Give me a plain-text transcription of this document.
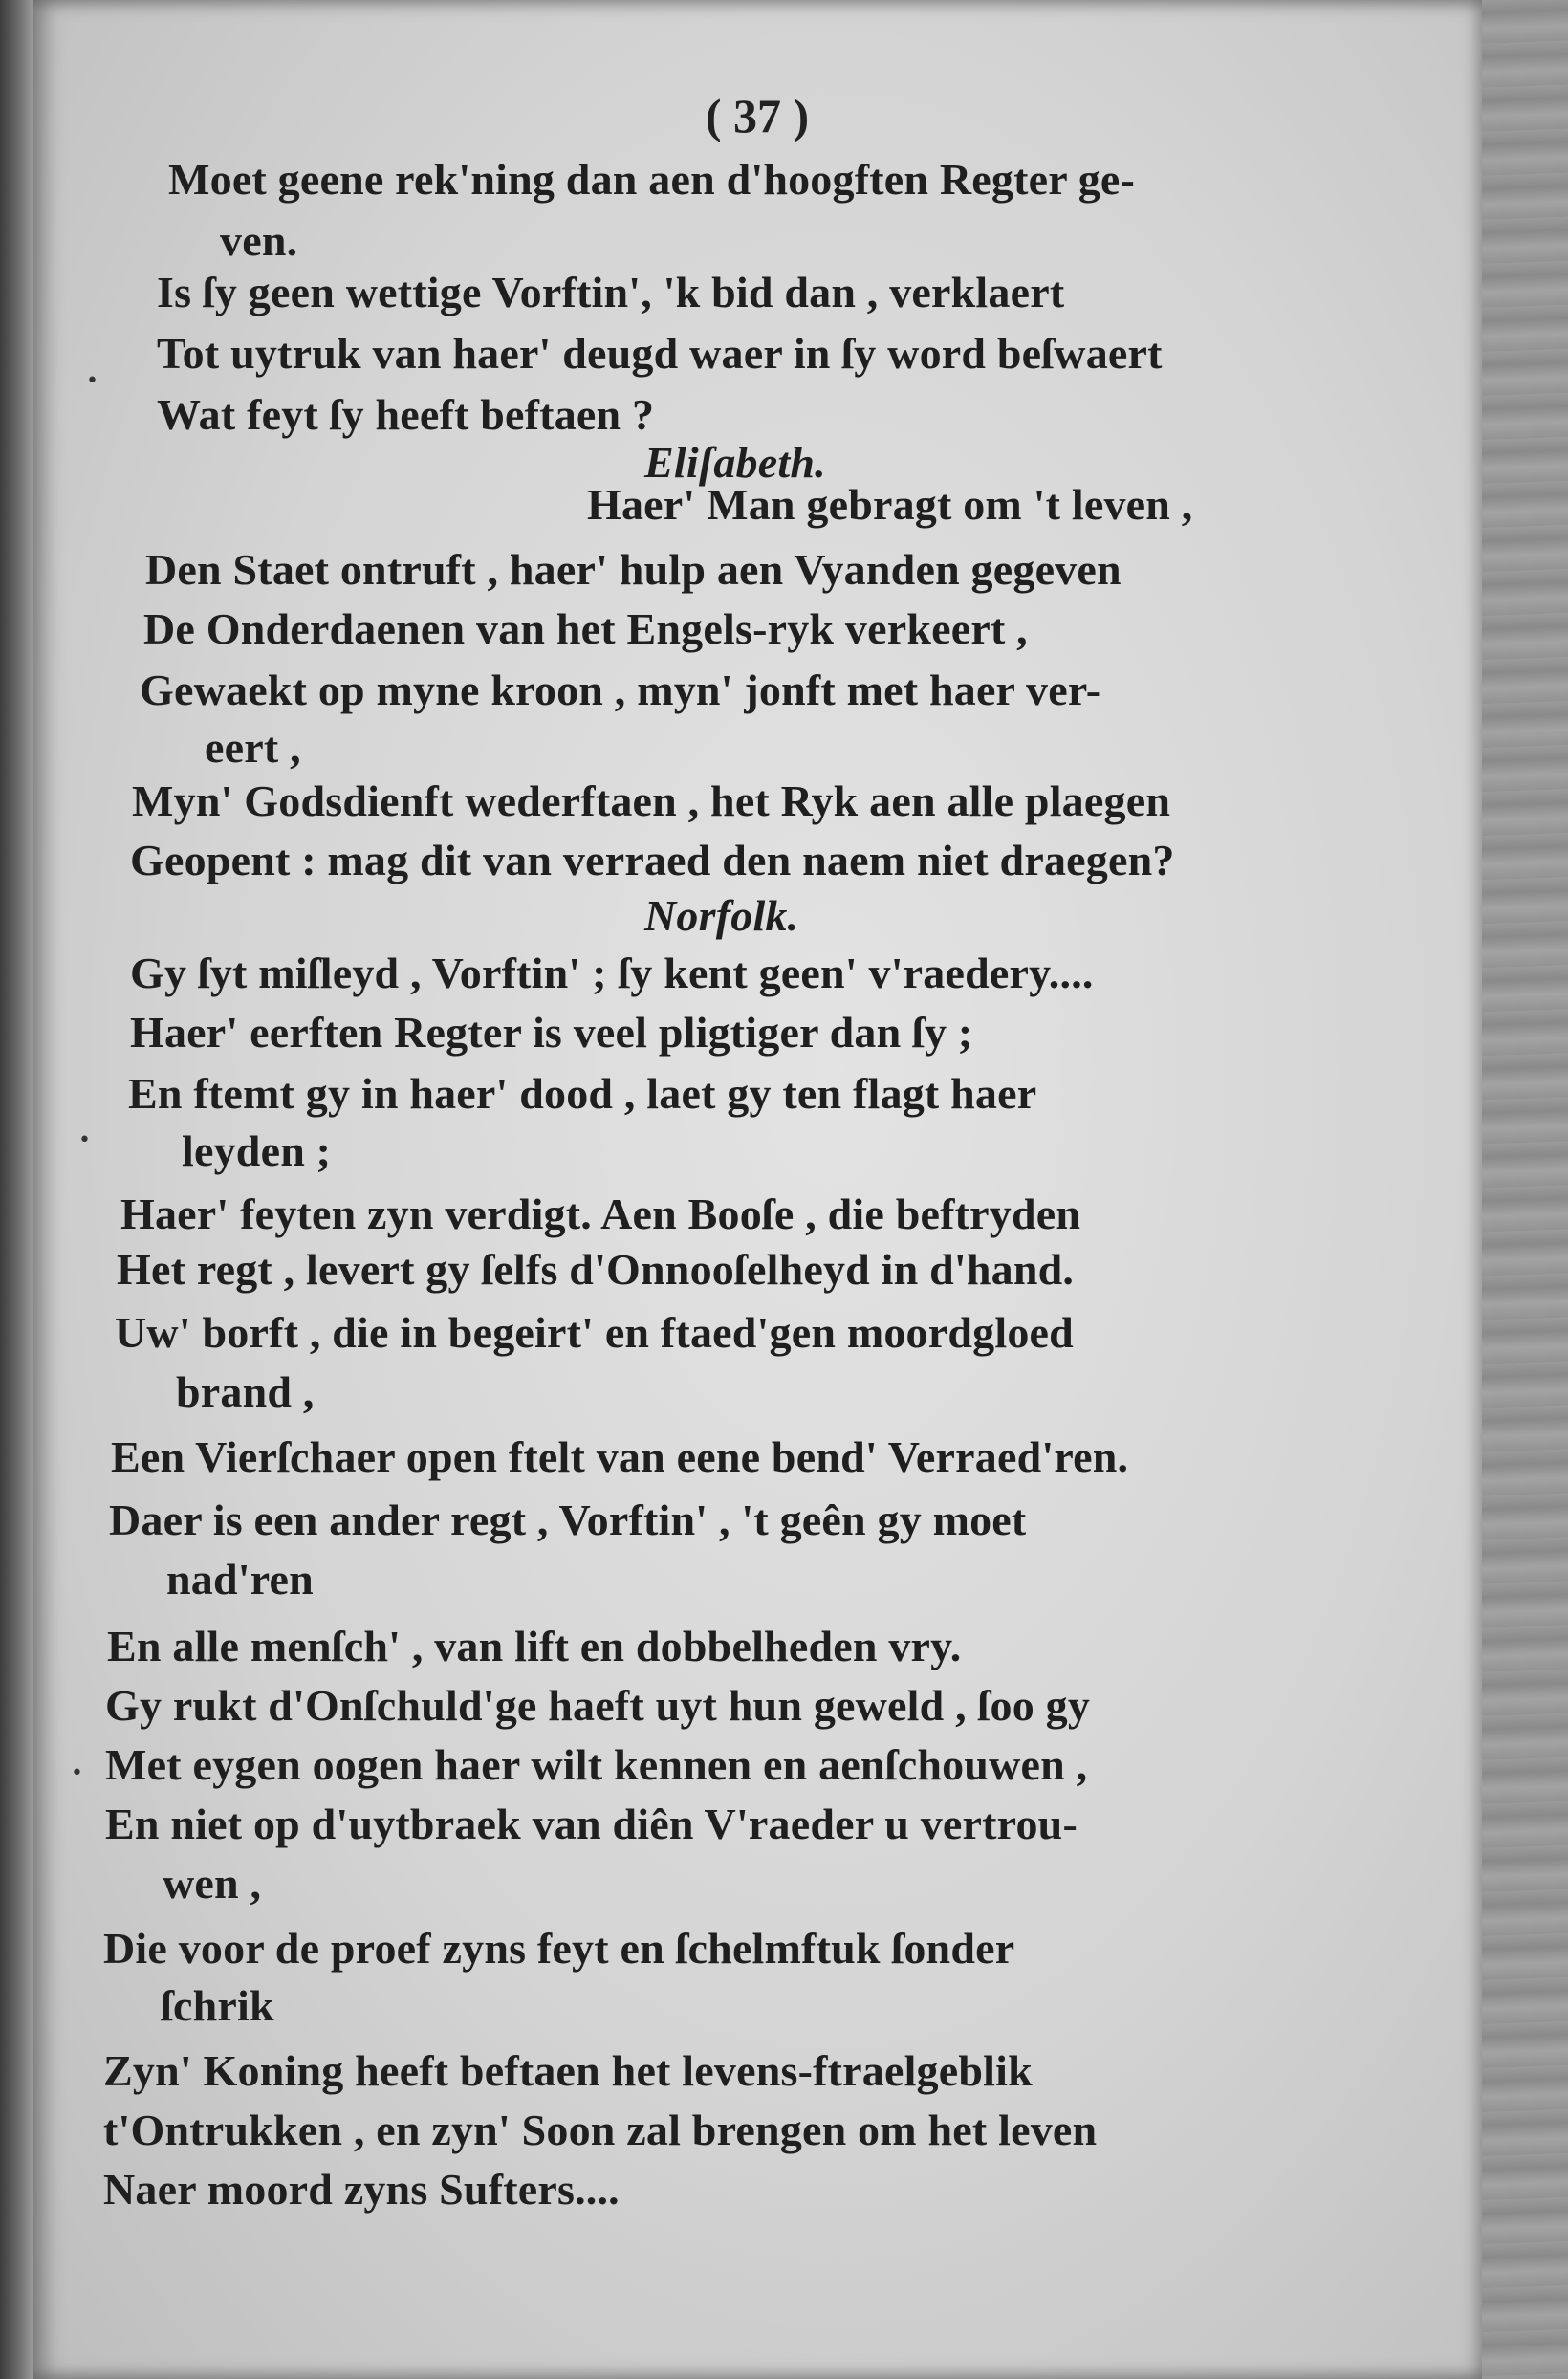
( 37 )
Moet geene rek'ning dan aen d'hoogften Regter ge-
ven.
Is ſy geen wettige Vorftin', 'k bid dan , verklaert
Tot uytruk van haer' deugd waer in ſy word beſwaert
Wat feyt ſy heeft beftaen ?
Eliſabeth.
Haer' Man gebragt om 't leven ,
Den Staet ontruft , haer' hulp aen Vyanden gegeven
De Onderdaenen van het Engels-ryk verkeert ,
Gewaekt op myne kroon , myn' jonft met haer ver-
eert ,
Myn' Godsdienft wederftaen , het Ryk aen alle plaegen
Geopent : mag dit van verraed den naem niet draegen?
Norfolk.
Gy ſyt miſleyd , Vorftin' ; ſy kent geen' v'raedery....
Haer' eerften Regter is veel pligtiger dan ſy ;
En ftemt gy in haer' dood , laet gy ten flagt haer
leyden ;
Haer' feyten zyn verdigt. Aen Booſe , die beftryden
Het regt , levert gy ſelfs d'Onnooſelheyd in d'hand.
Uw' borft , die in begeirt' en ftaed'gen moordgloed
brand ,
Een Vierſchaer open ftelt van eene bend' Verraed'ren.
Daer is een ander regt , Vorftin' , 't geên gy moet
nad'ren
En alle menſch' , van lift en dobbelheden vry.
Gy rukt d'Onſchuld'ge haeft uyt hun geweld , ſoo gy
Met eygen oogen haer wilt kennen en aenſchouwen ,
En niet op d'uytbraek van diên V'raeder u vertrou-
wen ,
Die voor de proef zyns feyt en ſchelmftuk ſonder
ſchrik
Zyn' Koning heeft beftaen het levens-ftraelgeblik
t'Ontrukken , en zyn' Soon zal brengen om het leven
Naer moord zyns Sufters....
•
•
•
